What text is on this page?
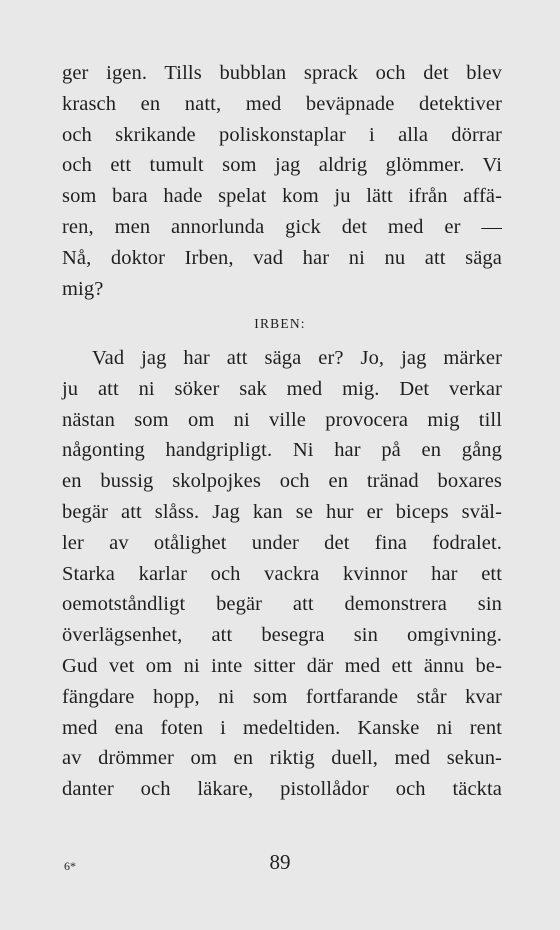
ger igen. Tills bubblan sprack och det blev
krasch en natt, med beväpnade detektiver
och skrikande poliskonstaplar i alla dörrar
och ett tumult som jag aldrig glömmer. Vi
som bara hade spelat kom ju lätt ifrån affä-
ren, men annorlunda gick det med er —
Nå, doktor Irben, vad har ni nu att säga
mig?
IRBEN:
Vad jag har att säga er? Jo, jag märker
ju att ni söker sak med mig. Det verkar
nästan som om ni ville provocera mig till
någonting handgripligt. Ni har på en gång
en bussig skolpojkes och en tränad boxares
begär att slåss. Jag kan se hur er biceps sväl-
ler av otålighet under det fina fodralet.
Starka karlar och vackra kvinnor har ett
oemotståndligt begär att demonstrera sin
överlägsenhet, att besegra sin omgivning.
Gud vet om ni inte sitter där med ett ännu be-
fängdare hopp, ni som fortfarande står kvar
med ena foten i medeltiden. Kanske ni rent
av drömmer om en riktig duell, med sekun-
danter och läkare, pistollådor och täckta
6*	89
